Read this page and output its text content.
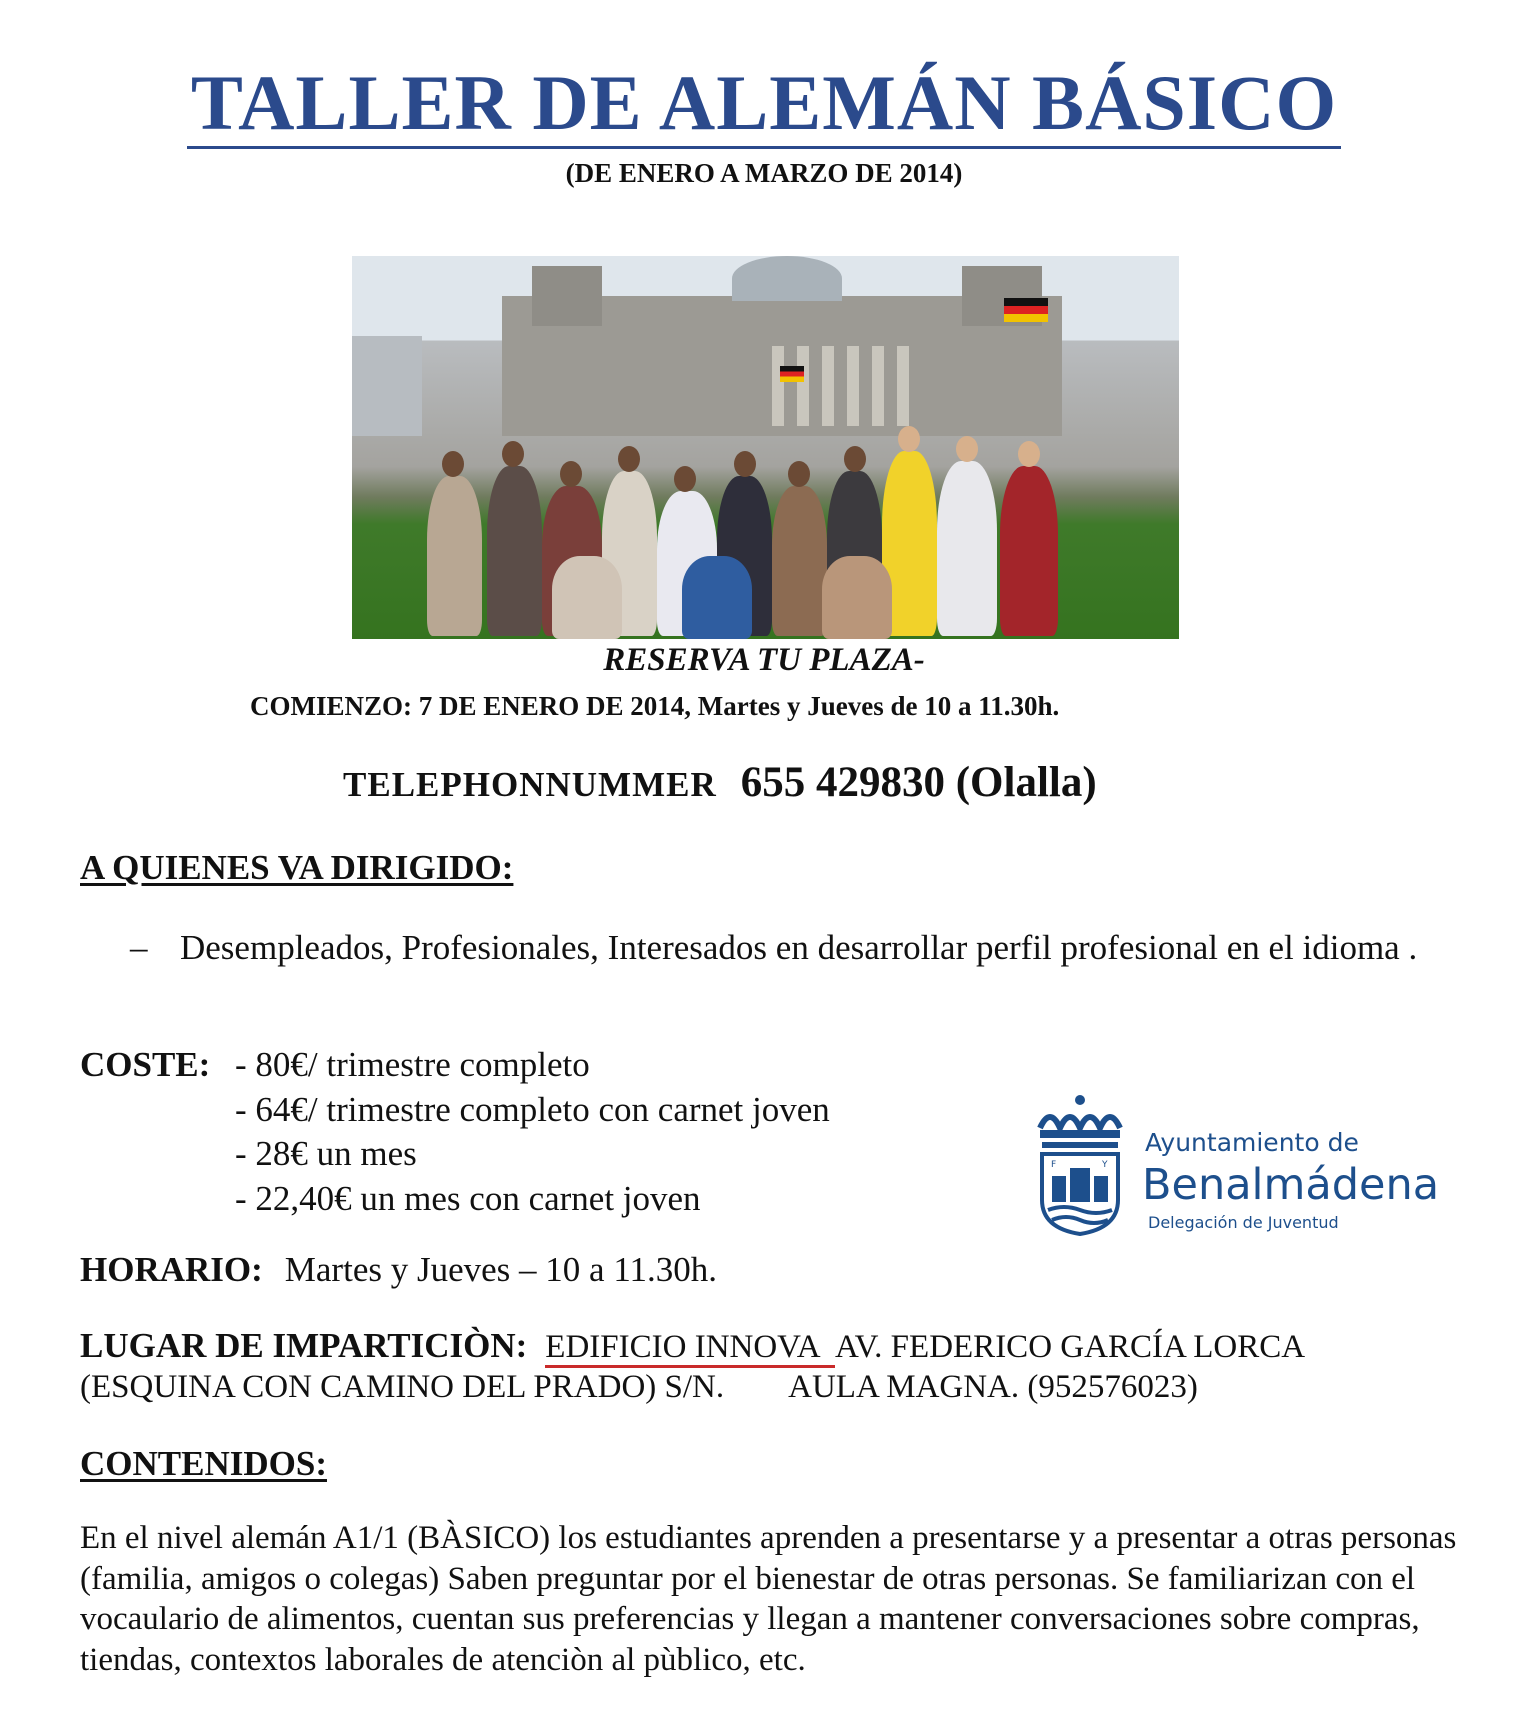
TALLER DE ALEMÁN BÁSICO
(DE ENERO A MARZO DE 2014)
RESERVA TU PLAZA-
COMIENZO: 7 DE ENERO DE 2014, Martes y Jueves de 10 a 11.30h.
TELEPHONNUMMER 655 429830 (Olalla)
A QUIENES VA DIRIGIDO:
– Desempleados, Profesionales, Interesados en desarrollar perfil profesional en el idioma .
COSTE: - 80€/ trimestre completo
- 64€/ trimestre completo con carnet joven
- 28€ un mes
- 22,40€ un mes con carnet joven
F	Y
Ayuntamiento de
Benalmádena
Delegación de Juventud
HORARIO: Martes y Jueves – 10 a 11.30h.
LUGAR DE IMPARTICIÒN: EDIFICIO INNOVA AV. FEDERICO GARCÍA LORCA
(ESQUINA CON CAMINO DEL PRADO) S/N. AULA MAGNA. (952576023)
CONTENIDOS:
En el nivel alemán A1/1 (BÀSICO) los estudiantes aprenden a presentarse y a presentar a otras personas (familia, amigos o colegas) Saben preguntar por el bienestar de otras personas. Se familiarizan con el vocaulario de alimentos, cuentan sus preferencias y llegan a mantener conversaciones sobre compras, tiendas, contextos laborales de atenciòn al pùblico, etc.
